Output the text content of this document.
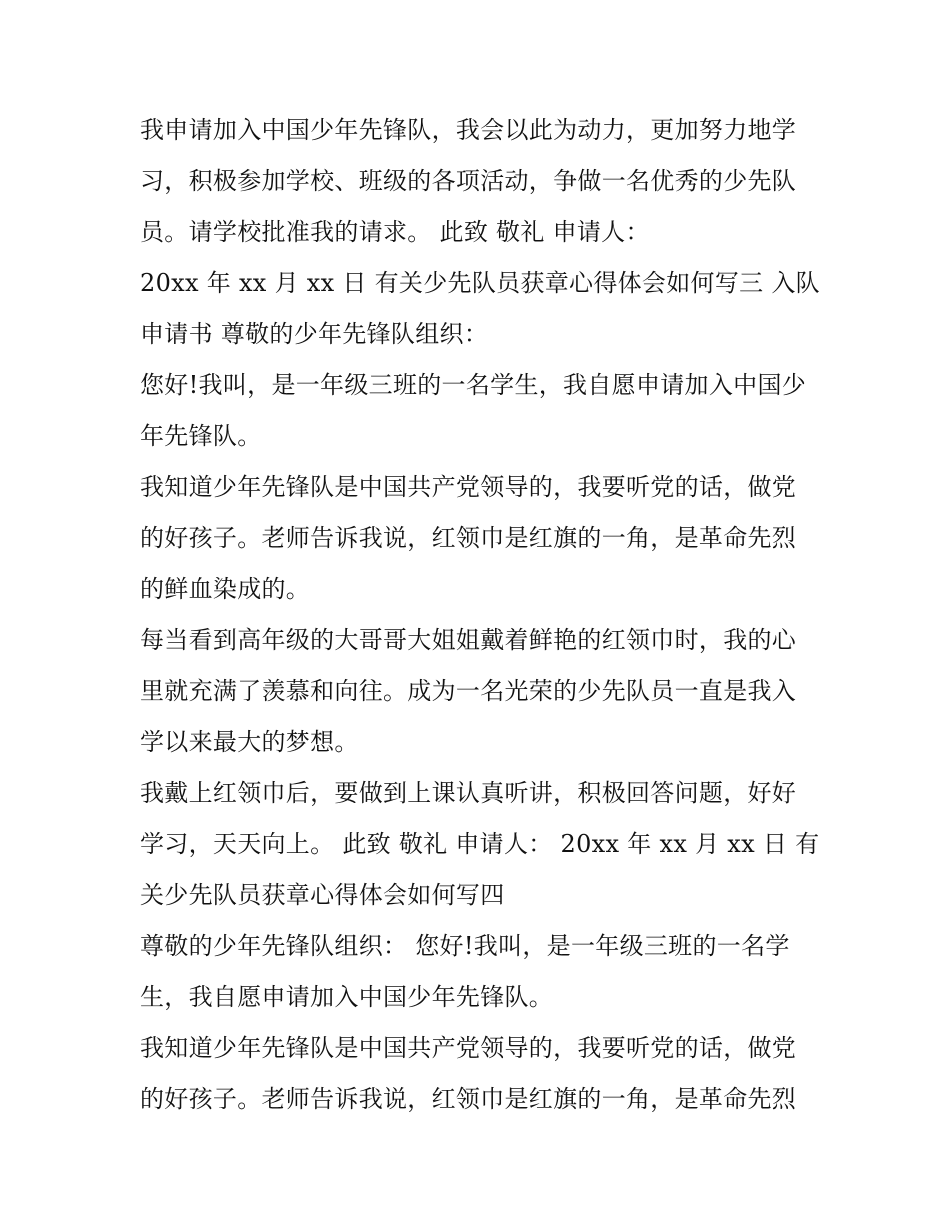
我申请加入中国少年先锋队，我会以此为动力，更加努力地学习，积极参加学校、班级的各项活动，争做一名优秀的少先队员。请学校批准我的请求。 此致 敬礼 申请人：

20xx 年 xx 月 xx 日 有关少先队员获章心得体会如何写三 入队申请书 尊敬的少年先锋队组织：

您好!我叫，是一年级三班的一名学生，我自愿申请加入中国少年先锋队。

我知道少年先锋队是中国共产党领导的，我要听党的话，做党的好孩子。老师告诉我说，红领巾是红旗的一角，是革命先烈的鲜血染成的。

每当看到高年级的大哥哥大姐姐戴着鲜艳的红领巾时，我的心里就充满了羡慕和向往。成为一名光荣的少先队员一直是我入学以来最大的梦想。

我戴上红领巾后，要做到上课认真听讲，积极回答问题，好好学习，天天向上。 此致 敬礼 申请人： 20xx 年 xx 月 xx 日 有关少先队员获章心得体会如何写四

尊敬的少年先锋队组织： 您好!我叫，是一年级三班的一名学生，我自愿申请加入中国少年先锋队。

我知道少年先锋队是中国共产党领导的，我要听党的话，做党的好孩子。老师告诉我说，红领巾是红旗的一角，是革命先烈
